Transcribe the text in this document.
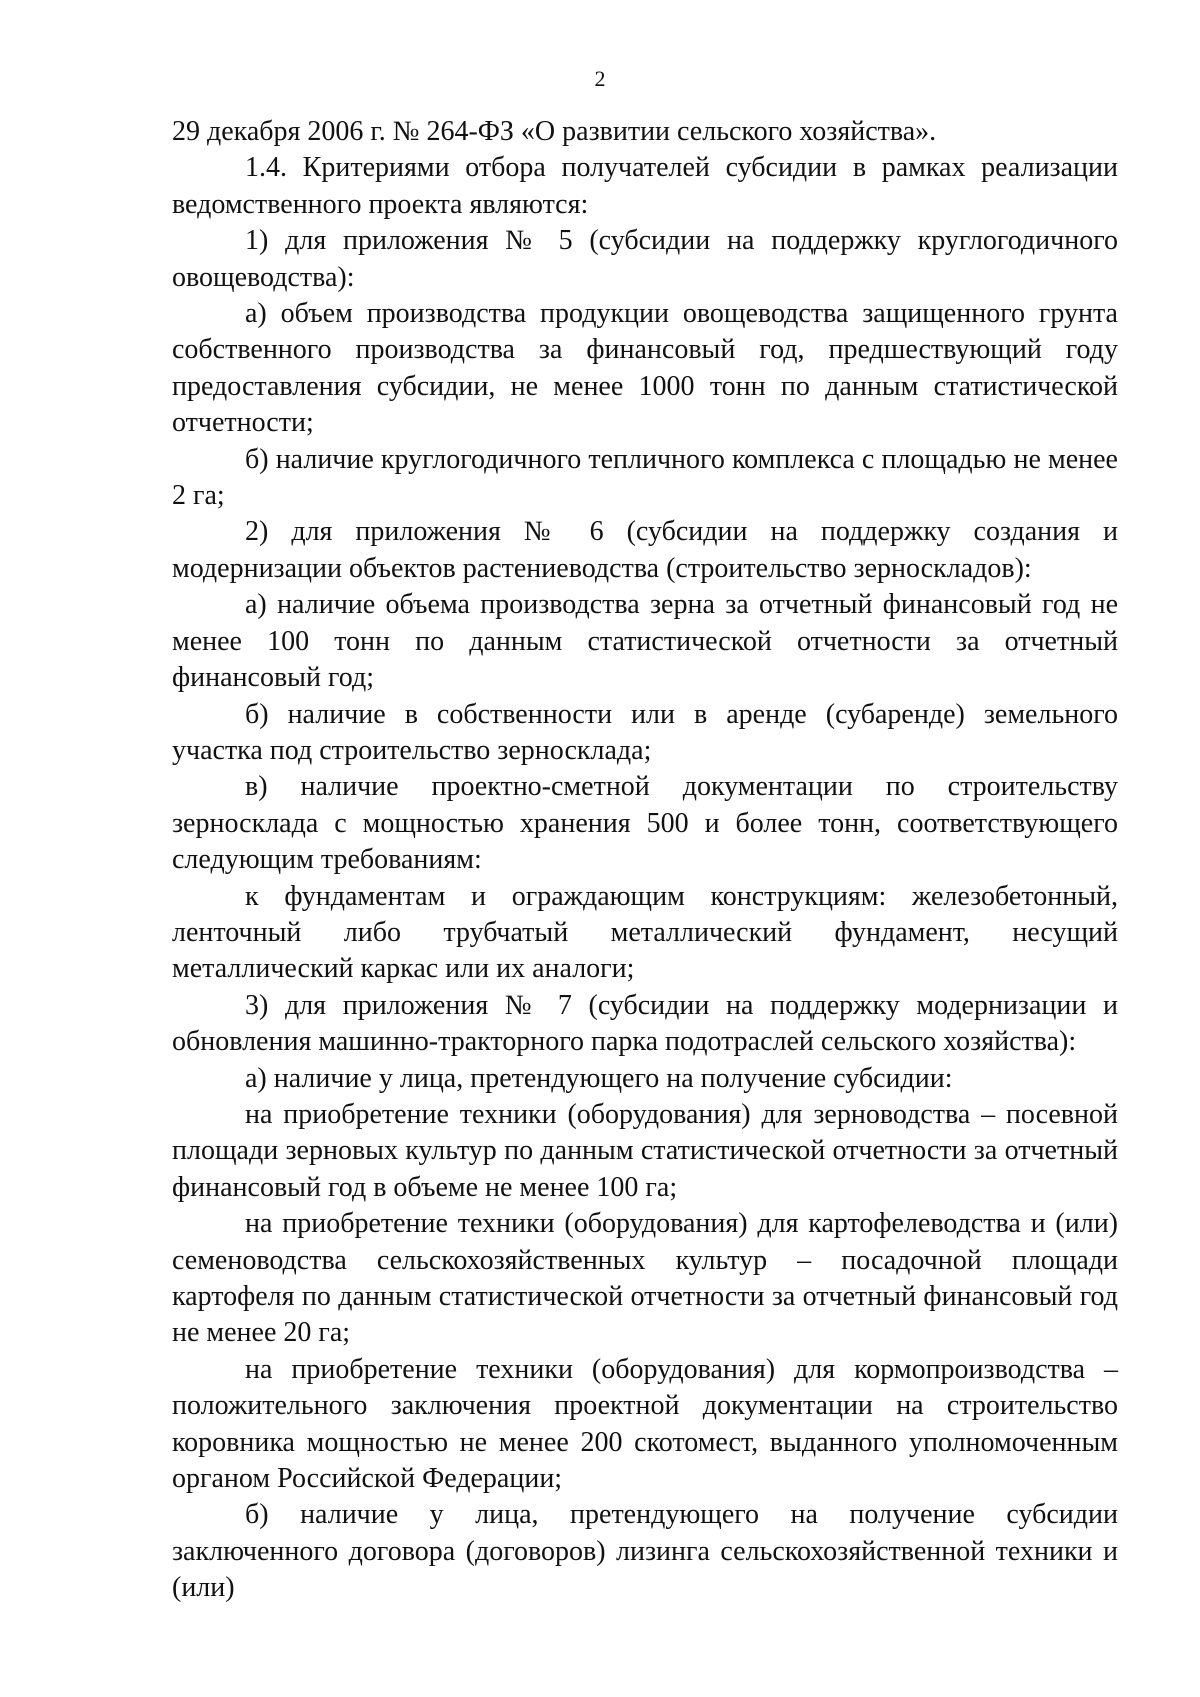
2

29 декабря 2006 г. № 264-ФЗ «О развитии сельского хозяйства».

1.4. Критериями отбора получателей субсидии в рамках реализации ведомственного проекта являются:

1) для приложения № 5 (субсидии на поддержку круглогодичного овощеводства):

а) объем производства продукции овощеводства защищенного грунта собственного производства за финансовый год, предшествующий году предоставления субсидии, не менее 1000 тонн по данным статистической отчетности;

б) наличие круглогодичного тепличного комплекса с площадью не менее 2 га;

2) для приложения № 6 (субсидии на поддержку создания и модернизации объектов растениеводства (строительство зерноскладов):

а) наличие объема производства зерна за отчетный финансовый год не менее 100 тонн по данным статистической отчетности за отчетный финансовый год;

б) наличие в собственности или в аренде (субаренде) земельного участка под строительство зерносклада;

в) наличие проектно-сметной документации по строительству зерносклада с мощностью хранения 500 и более тонн, соответствующего следующим требованиям:

к фундаментам и ограждающим конструкциям: железобетонный, ленточный либо трубчатый металлический фундамент, несущий металлический каркас или их аналоги;

3) для приложения № 7 (субсидии на поддержку модернизации и обновления машинно-тракторного парка подотраслей сельского хозяйства):

а) наличие у лица, претендующего на получение субсидии:

на приобретение техники (оборудования) для зерноводства – посевной площади зерновых культур по данным статистической отчетности за отчетный финансовый год в объеме не менее 100 га;

на приобретение техники (оборудования) для картофелеводства и (или) семеноводства сельскохозяйственных культур – посадочной площади картофеля по данным статистической отчетности за отчетный финансовый год не менее 20 га;

на приобретение техники (оборудования) для кормопроизводства – положительного заключения проектной документации на строительство коровника мощностью не менее 200 скотомест, выданного уполномоченным органом Российской Федерации;

б) наличие у лица, претендующего на получение субсидии заключенного договора (договоров) лизинга сельскохозяйственной техники и (или)
